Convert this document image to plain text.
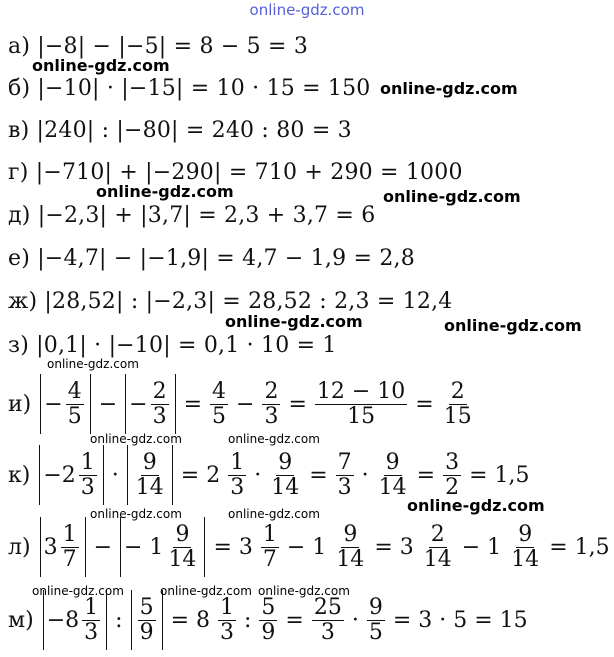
online-gdz.com
а) |−8| − |−5| = 8 − 5 = 3
б) |−10| · |−15| = 10 · 15 = 150
в) |240| : |−80| = 240 : 80 = 3
г) |−710| + |−290| = 710 + 290 = 1000
д) |−2,3| + |3,7| = 2,3 + 3,7 = 6
е) |−4,7| − |−1,9| = 4,7 − 1,9 = 2,8
ж) |28,52| : |−2,3| = 28,52 : 2,3 = 12,4
з) |0,1| · |−10| = 0,1 · 10 = 1
$и) - \frac{4}{5}$ − − $\frac{2}{3} = \frac{4}{5} - \frac{2}{3} = \frac{12 - 10}{15} = \frac{2}{15}$
$к) -2 \frac{1}{3} \cdot \frac{9}{14} = 2 \frac{1}{3} \cdot \frac{9}{14} = \frac{7}{3} \cdot \frac{9}{14} = \frac{3}{2} = 1,5$
л) $3 \frac{1}{7}$ − − $1 \frac{9}{14} = 3 \frac{1}{7} - 1 \frac{9}{14} = 3 \frac{2}{14} - 1 \frac{9}{14} = 1,5$
$м) -8 \frac{1}{3}$ : $\frac{5}{9} = 8 \frac{1}{3}$ : $\frac{5}{9} = \frac{25}{3} \cdot \frac{9}{5} = 3 \cdot 5 = 15$
online-gdz.com
online-gdz.com
online-gdz.com	online-gdz.com
online-gdz.com	online-gdz.com
online-gdz.com
online-gdz.com
online-gdz.com	online-gdz.com
online-gdz.com	online-gdz.com
online-gdz.com	online-gdz.com online-gdz.com
